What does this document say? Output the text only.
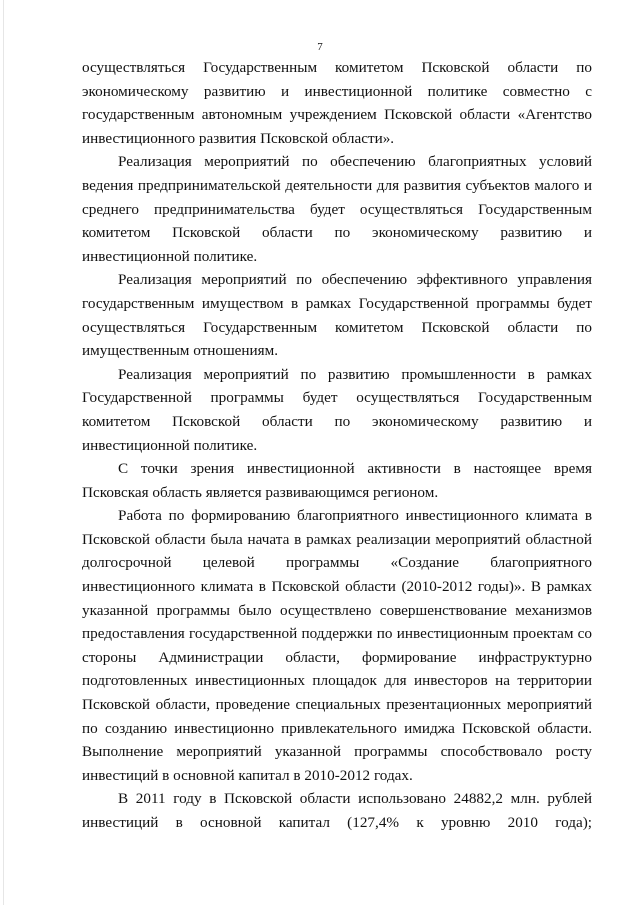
7

осуществляться Государственным комитетом Псковской области по экономическому развитию и инвестиционной политике совместно с государственным автономным учреждением Псковской области «Агентство инвестиционного развития Псковской области».

Реализация мероприятий по обеспечению благоприятных условий ведения предпринимательской деятельности для развития субъектов малого и среднего предпринимательства будет осуществляться Государственным комитетом Псковской области по экономическому развитию и инвестиционной политике.

Реализация мероприятий по обеспечению эффективного управления государственным имуществом в рамках Государственной программы будет осуществляться Государственным комитетом Псковской области по имущественным отношениям.

Реализация мероприятий по развитию промышленности в рамках Государственной программы будет осуществляться Государственным комитетом Псковской области по экономическому развитию и инвестиционной политике.

С точки зрения инвестиционной активности в настоящее время Псковская область является развивающимся регионом.

Работа по формированию благоприятного инвестиционного климата в Псковской области была начата в рамках реализации мероприятий областной долгосрочной целевой программы «Создание благоприятного инвестиционного климата в Псковской области (2010-2012 годы)». В рамках указанной программы было осуществлено совершенствование механизмов предоставления государственной поддержки по инвестиционным проектам со стороны Администрации области, формирование инфраструктурно подготовленных инвестиционных площадок для инвесторов на территории Псковской области, проведение специальных презентационных мероприятий по созданию инвестиционно привлекательного имиджа Псковской области. Выполнение мероприятий указанной программы способствовало росту инвестиций в основной капитал в 2010-2012 годах.

В 2011 году в Псковской области использовано 24882,2 млн. рублей инвестиций в основной капитал (127,4% к уровню 2010 года);
